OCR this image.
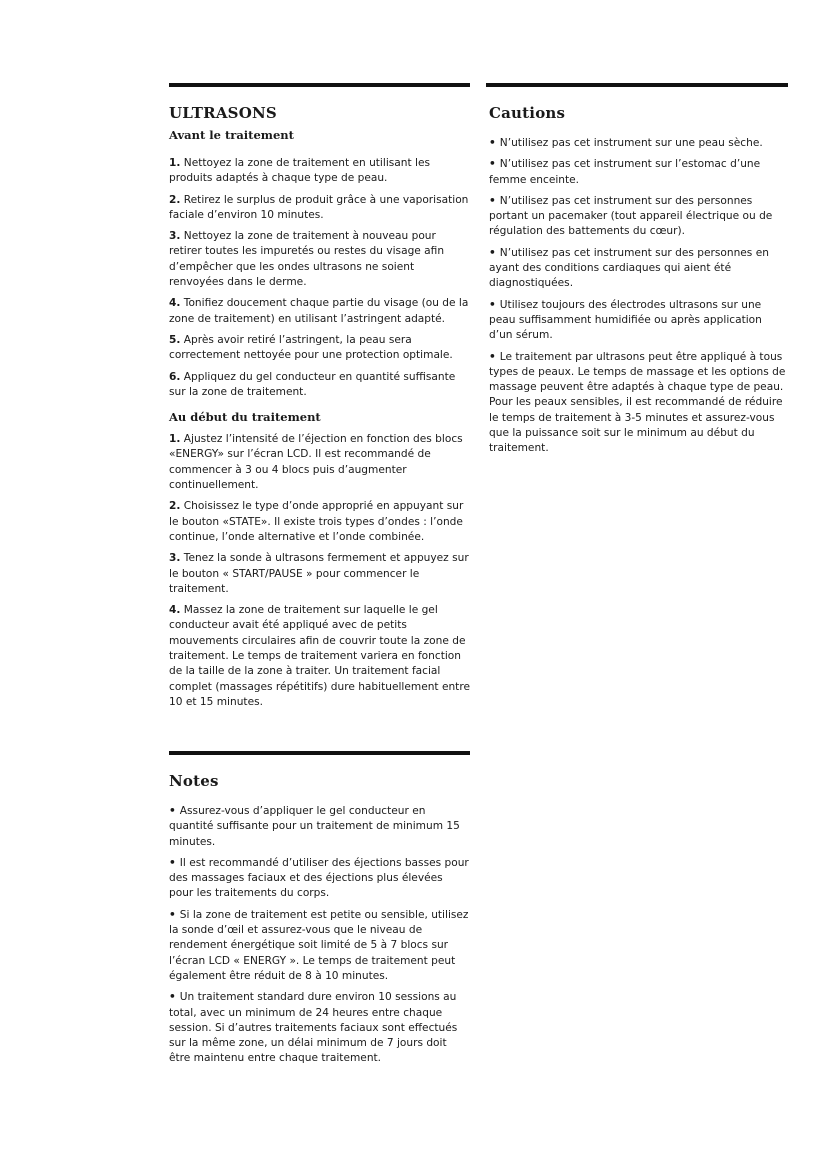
ULTRASONS
Avant le traitement

1. Nettoyez la zone de traitement en utilisant les produits adaptés à chaque type de peau.

2. Retirez le surplus de produit grâce à une vaporisation faciale d’environ 10 minutes.

3. Nettoyez la zone de traitement à nouveau pour retirer toutes les impuretés ou restes du visage afin d’empêcher que les ondes ultrasons ne soient renvoyées dans le derme.

4. Tonifiez doucement chaque partie du visage (ou de la zone de traitement) en utilisant l’astringent adapté.

5. Après avoir retiré l’astringent, la peau sera correctement nettoyée pour une protection optimale.

6. Appliquez du gel conducteur en quantité suffisante sur la zone de traitement.

Au début du traitement

1. Ajustez l’intensité de l’éjection en fonction des blocs «ENERGY» sur l’écran LCD. Il est recommandé de commencer à 3 ou 4 blocs puis d’augmenter continuellement.

2. Choisissez le type d’onde approprié en appuyant sur le bouton «STATE». Il existe trois types d’ondes : l’onde continue, l’onde alternative et l’onde combinée.

3. Tenez la sonde à ultrasons fermement et appuyez sur le bouton « START/PAUSE » pour commencer le traitement.

4. Massez la zone de traitement sur laquelle le gel conducteur avait été appliqué avec de petits mouvements circulaires afin de couvrir toute la zone de traitement. Le temps de traitement variera en fonction de la taille de la zone à traiter. Un traitement facial complet (massages répétitifs) dure habituellement entre 10 et 15 minutes.

Notes

• Assurez-vous d’appliquer le gel conducteur en quantité suffisante pour un traitement de minimum 15 minutes.

• Il est recommandé d’utiliser des éjections basses pour des massages faciaux et des éjections plus élevées pour les traitements du corps.

• Si la zone de traitement est petite ou sensible, utilisez la sonde d’œil et assurez-vous que le niveau de rendement énergétique soit limité de 5 à 7 blocs sur l’écran LCD « ENERGY ». Le temps de traitement peut également être réduit de 8 à 10 minutes.

• Un traitement standard dure environ 10 sessions au total, avec un minimum de 24 heures entre chaque session. Si d’autres traitements faciaux sont effectués sur la même zone, un délai minimum de 7 jours doit être maintenu entre chaque traitement.

Cautions

• N’utilisez pas cet instrument sur une peau sèche.

• N’utilisez pas cet instrument sur l’estomac d’une femme enceinte.

• N’utilisez pas cet instrument sur des personnes portant un pacemaker (tout appareil électrique ou de régulation des battements du cœur).

• N’utilisez pas cet instrument sur des personnes en ayant des conditions cardiaques qui aient été diagnostiquées.

• Utilisez toujours des électrodes ultrasons sur une peau suffisamment humidifiée ou après application d’un sérum.

• Le traitement par ultrasons peut être appliqué à tous types de peaux. Le temps de massage et les options de massage peuvent être adaptés à chaque type de peau. Pour les peaux sensibles, il est recommandé de réduire le temps de traitement à 3-5 minutes et assurez-vous que la puissance soit sur le minimum au début du traitement.
